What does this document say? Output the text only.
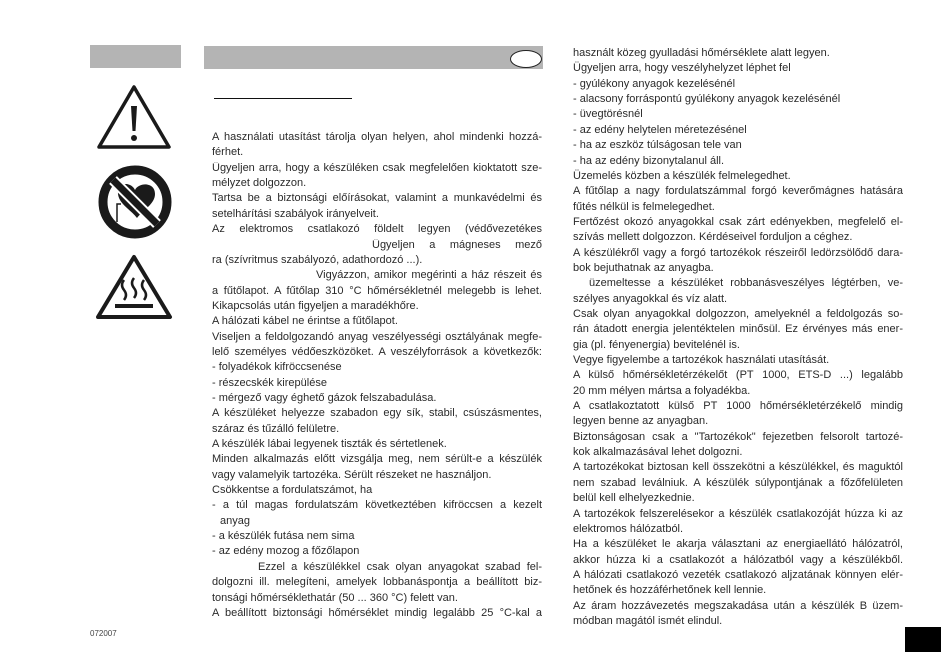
A használati utasítást tárolja olyan helyen, ahol mindenki hozzá-
férhet.
Ügyeljen arra, hogy a készüléken csak megfelelően kioktatott sze-
mélyzet dolgozzon.
Tartsa be a biztonsági előírásokat, valamint a munkavédelmi és
setelhárítási szabályok irányelveit.
Az elektromos csatlakozó földelt legyen (védővezetékes
Ügyeljen a mágneses mező
ra (szívritmus szabályozó, adathordozó ...).
Vigyázzon, amikor megérinti a ház részeit és
a fűtőlapot. A fűtőlap 310 °C hőmérsékletnél melegebb is lehet.
Kikapcsolás után figyeljen a maradékhőre.
A hálózati kábel ne érintse a fűtőlapot.
Viseljen a feldolgozandó anyag veszélyességi osztályának megfe-
lelő személyes védőeszközöket. A veszélyforrások a következők:
- folyadékok kifröccsenése
- részecskék kirepülése
- mérgező vagy éghető gázok felszabadulása.
A készüléket helyezze szabadon egy sík, stabil, csúszásmentes,
száraz és tűzálló felületre.
A készülék lábai legyenek tiszták és sértetlenek.
Minden alkalmazás előtt vizsgálja meg, nem sérült-e a készülék
vagy valamelyik tartozéka. Sérült részeket ne használjon.
Csökkentse a fordulatszámot, ha
- a túl magas fordulatszám következtében kifröccsen a kezelt
anyag
- a készülék futása nem sima
- az edény mozog a főzőlapon
Ezzel a készülékkel csak olyan anyagokat szabad fel-
dolgozni ill. melegíteni, amelyek lobbanáspontja a beállított biz-
tonsági hőmérséklethatár (50 ... 360 °C) felett van.
A beállított biztonsági hőmérséklet mindig legalább 25 °C-kal a
használt közeg gyulladási hőmérséklete alatt legyen.
Ügyeljen arra, hogy veszélyhelyzet léphet fel
- gyúlékony anyagok kezelésénél
- alacsony forráspontú gyúlékony anyagok kezelésénél
- üvegtörésnél
- az edény helytelen méretezésénel
- ha az eszköz túlságosan tele van
- ha az edény bizonytalanul áll.
Üzemelés közben a készülék felmelegedhet.
A fűtőlap a nagy fordulatszámmal forgó keverőmágnes hatására
fűtés nélkül is felmelegedhet.
Fertőzést okozó anyagokkal csak zárt edényekben, megfelelő el-
szívás mellett dolgozzon. Kérdéseivel forduljon a céghez.
A készülékről vagy a forgó tartozékok részeiről ledörzsölődő dara-
bok bejuthatnak az anyagba.
üzemeltesse a készüléket robbanásveszélyes légtérben, ve-
szélyes anyagokkal és víz alatt.
Csak olyan anyagokkal dolgozzon, amelyeknél a feldolgozás so-
rán átadott energia jelentéktelen minősül. Ez érvényes más ener-
gia (pl. fényenergia) bevitelénél is.
Vegye figyelembe a tartozékok használati utasítását.
A külső hőmérsékletérzékelőt (PT 1000, ETS-D ...) legalább
20 mm mélyen mártsa a folyadékba.
A csatlakoztatott külső PT 1000 hőmérsékletérzékelő mindig
legyen benne az anyagban.
Biztonságosan csak a "Tartozékok" fejezetben felsorolt tartozé-
kok alkalmazásával lehet dolgozni.
A tartozékokat biztosan kell összekötni a készülékkel, és maguktól
nem szabad leválniuk. A készülék súlypontjának a főzőfelületen
belül kell elhelyezkednie.
A tartozékok felszerelésekor a készülék csatlakozóját húzza ki az
elektromos hálózatból.
Ha a készüléket le akarja választani az energiaellátó hálózatról,
akkor húzza ki a csatlakozót a hálózatból vagy a készülékből.
A hálózati csatlakozó vezeték csatlakozó aljzatának könnyen elér-
hetőnek és hozzáférhetőnek kell lennie.
Az áram hozzávezetés megszakadása után a készülék B üzem-
módban magától ismét elindul.
072007
